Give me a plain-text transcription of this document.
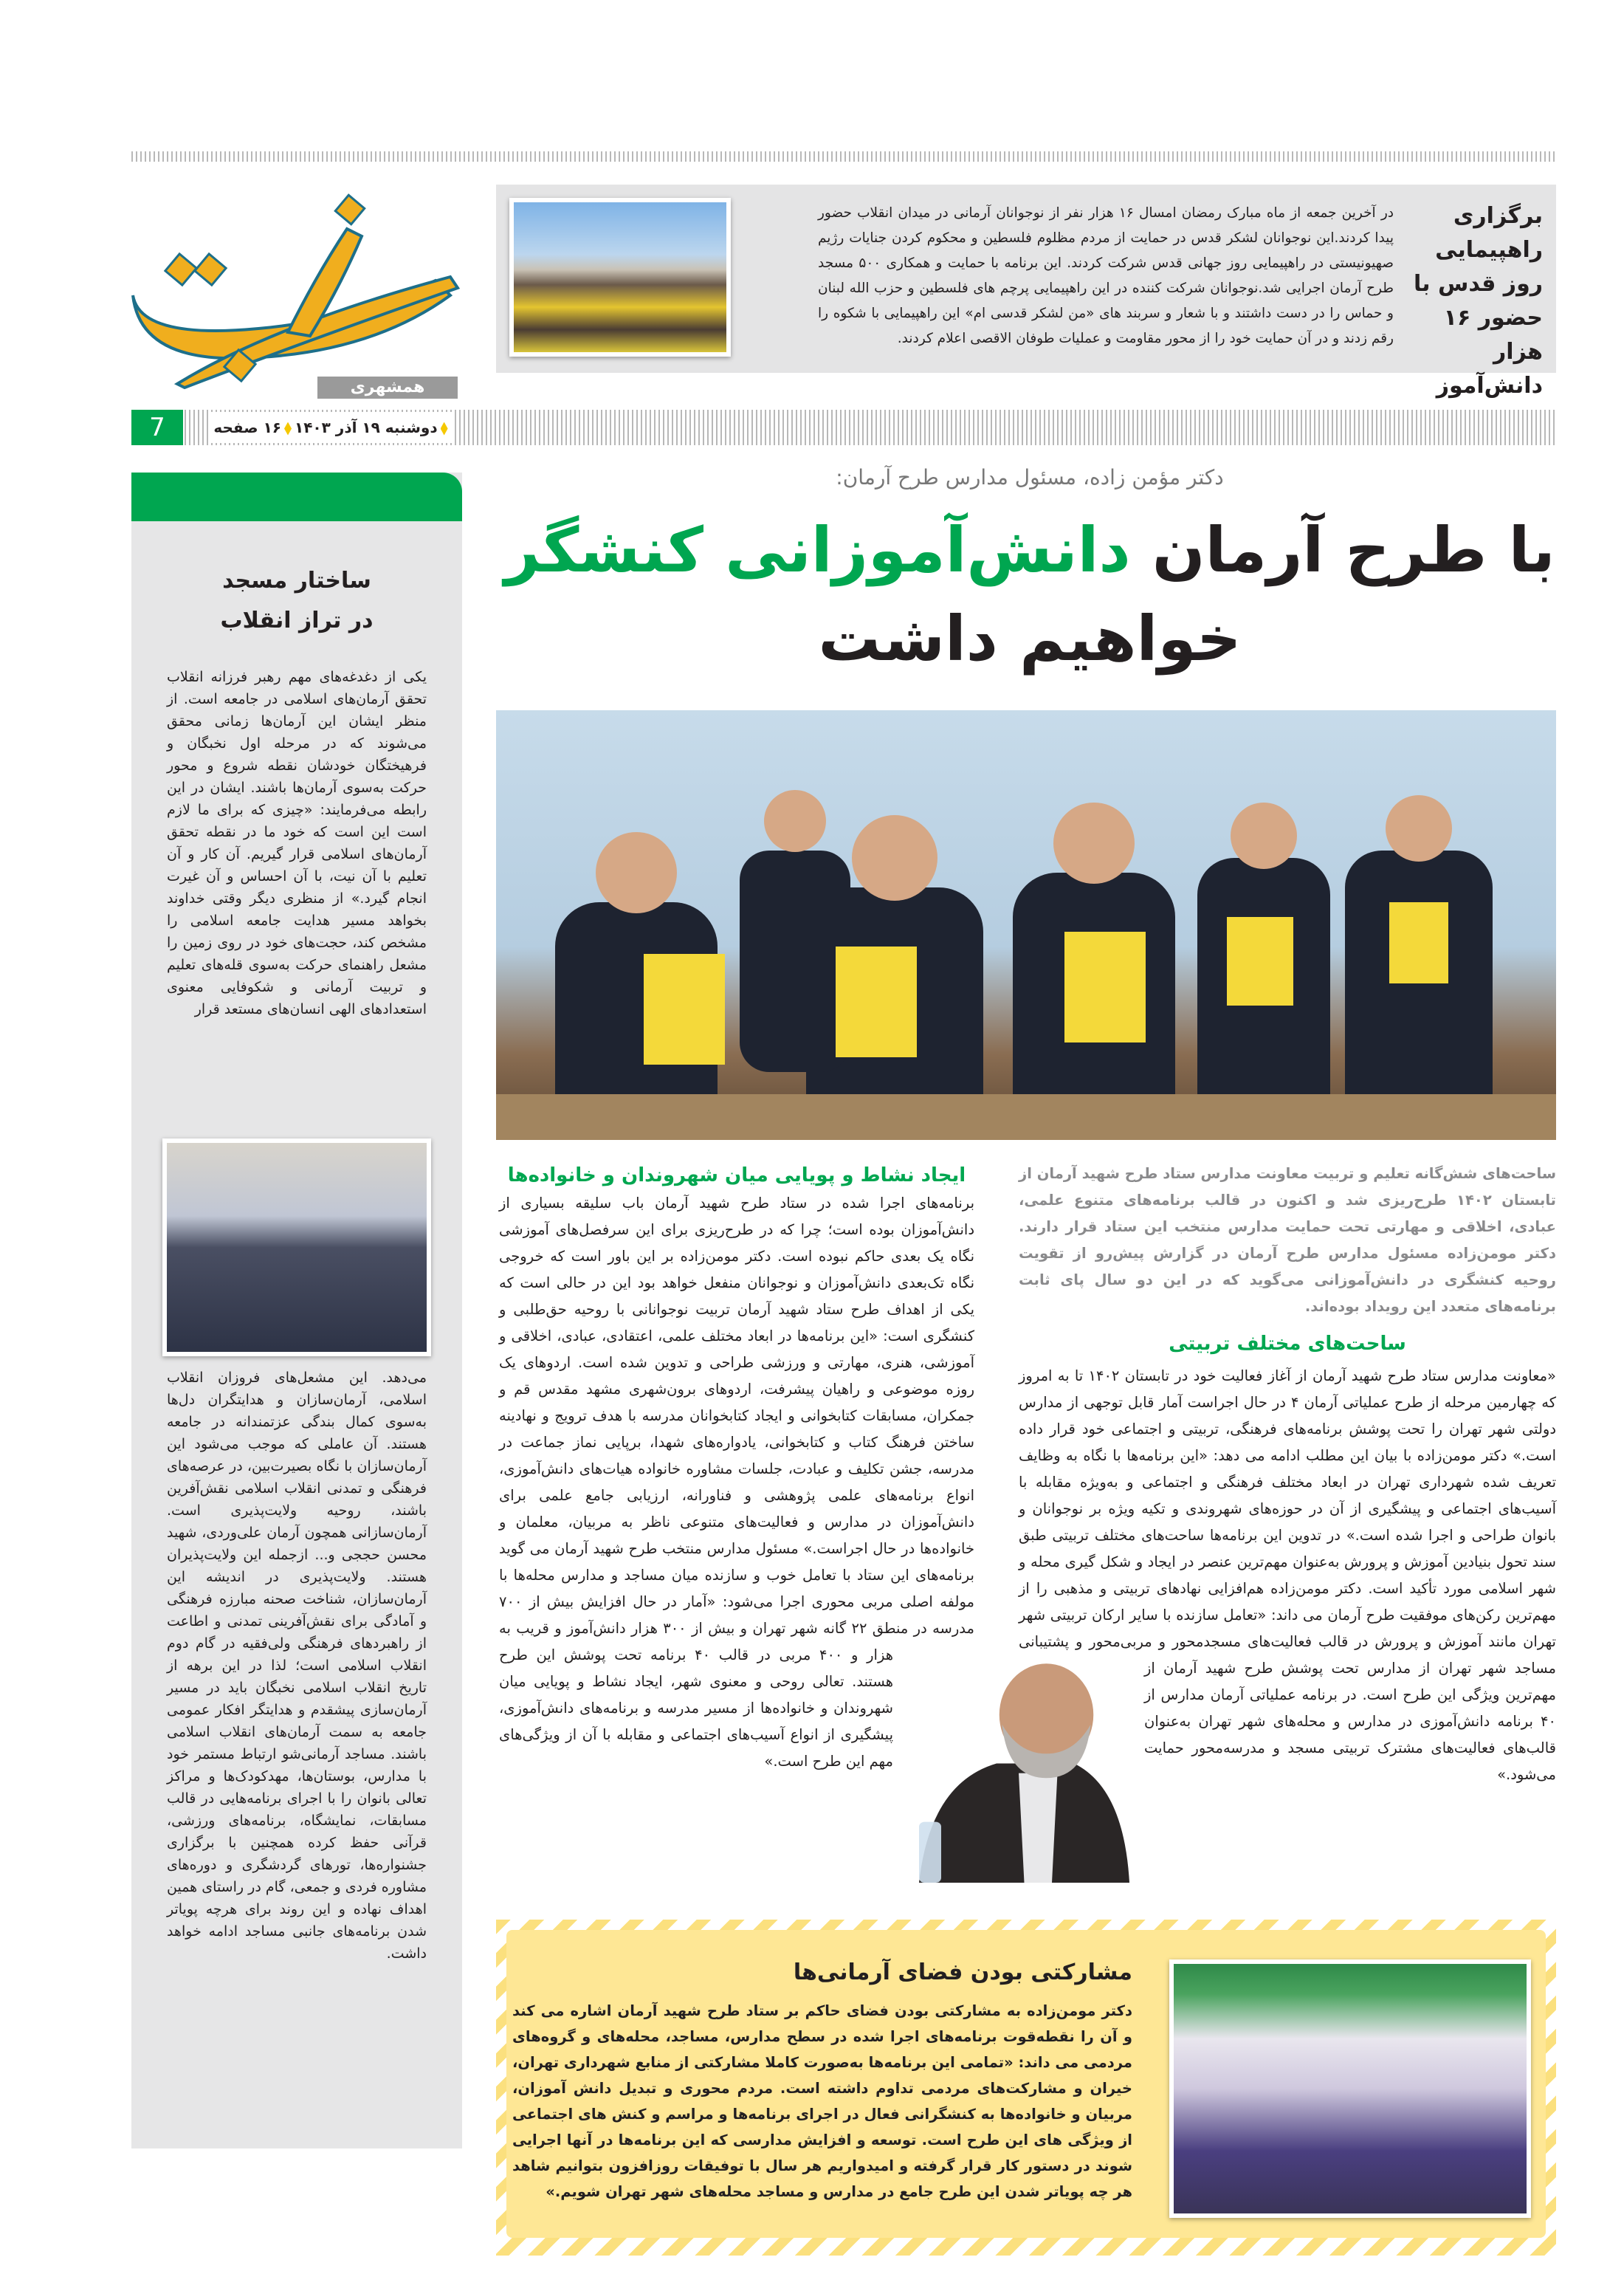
همشهری
برگزاری راهپیمایی روز قدس با حضور ۱۶ هزار دانش‌آموز
در آخرین جمعه از ماه مبارک رمضان امسال ۱۶ هزار نفر از نوجوانان آرمانی در میدان انقلاب حضور پیدا کردند.این نوجوانان لشکر قدس در حمایت از مردم مظلوم فلسطین و محکوم کردن جنایات رژیم صهیونیستی در راهپیمایی روز جهانی قدس شرکت کردند. این برنامه با حمایت و همکاری ۵۰۰ مسجد طرح آرمان اجرایی شد.نوجوانان شرکت کننده در این راهپیمایی پرچم های فلسطین و حزب الله لبنان و حماس را در دست داشتند و با شعار و سربند های «من لشکر قدسی ام» این راهپیمایی با شکوه را رقم زدند و در آن حمایت خود را از محور مقاومت و عملیات طوفان الاقصی اعلام کردند.
7	دوشنبه ۱۹ آذر ۱۴۰۳۱۶ صفحه
ساختار مسجد
در تراز انقلاب
یکی از دغدغه‌های مهم رهبر فرزانه انقلاب تحقق آرمان‌های اسلامی در جامعه است. از منظر ایشان این آرمان‌ها زمانی محقق می‌شوند که در مرحله اول نخبگان و فرهیختگان خودشان نقطه شروع و محور حرکت به‌سوی آرمان‌ها باشند. ایشان در این رابطه می‌فرمایند: «چیزی که برای ما لازم است این است که خود ما در نقطه تحقق آرمان‌های اسلامی قرار گیریم. آن کار و آن تعلیم با آن نیت، با آن احساس و آن غیرت انجام گیرد.» از منظری دیگر وقتی خداوند بخواهد مسیر هدایت جامعه اسلامی را مشخص کند، حجت‌های خود در روی زمین را مشعل راهنمای حرکت به‌سوی قله‌های تعلیم و تربیت آرمانی و شکوفایی معنوی استعدادهای الهی انسان‌های مستعد قرار
می‌دهد. این مشعل‌های فروزان انقلاب اسلامی، آرمان‌سازان و هدایتگران دل‌ها به‌سوی کمال بندگی عزتمندانه در جامعه هستند. آن عاملی که موجب می‌شود این آرمان‌سازان با نگاه بصیرت‌بین، در عرصه‌های فرهنگی و تمدنی انقلاب اسلامی نقش‌آفرین باشند، روحیه ولایت‌پذیری است. آرمان‌سازانی همچون آرمان علی‌وردی، شهید محسن حججی و... ازجمله این ولایت‌پذیران هستند. ولایت‌پذیری در اندیشه این آرمان‌سازان، شناخت صحنه مبارزه فرهنگی و آمادگی برای نقش‌آفرینی تمدنی و اطاعت از راهبردهای فرهنگی ولی‌فقیه در گام دوم انقلاب اسلامی است؛ لذا در این برهه از تاریخ انقلاب اسلامی نخبگان باید در مسیر آرمان‌سازی پیشقدم و هدایتگر افکار عمومی جامعه به سمت آرمان‌های انقلاب اسلامی باشند. مساجد آرمانی‌شو ارتباط مستمر خود با مدارس، بوستان‌ها، مهدکودک‌ها و مراکز تعالی بانوان را با اجرای برنامه‌هایی در قالب مسابقات، نمایشگاه، برنامه‌های ورزشی، قرآنی حفظ کرده همچنین با برگزاری جشنواره‌ها، تورهای گردشگری و دوره‌های مشاوره فردی و جمعی، گام در راستای همین اهداف نهاده و این روند برای هرچه پویاتر شدن برنامه‌های جانبی مساجد ادامه خواهد داشت.
دکتر مؤمن زاده، مسئول مدارس طرح آرمان:
با طرح آرمان دانش‌آموزانی کنشگر
خواهیم داشت
ایجاد نشاط و پویایی میان شهروندان و خانواده‌ها
برنامه‌های اجرا شده در ستاد طرح شهید آرمان باب سلیقه بسیاری از دانش‌آموزان بوده است؛ چرا که در طرح‌ریزی برای این سرفصل‌های آموزشی نگاه یک بعدی حاکم نبوده است. دکتر مومن‌زاده بر این باور است که خروجی نگاه تک‌بعدی دانش‌آموزان و نوجوانان منفعل خواهد بود این در حالی است که یکی از اهداف طرح ستاد شهید آرمان تربیت نوجوانانی با روحیه حق‌طلبی و کنشگری است: «این برنامه‌ها در ابعاد مختلف علمی، اعتقادی، عبادی، اخلاقی و آموزشی، هنری، مهارتی و ورزشی طراحی و تدوین شده است. اردوهای یک روزه موضوعی و راهیان پیشرفت، اردوهای برون‌شهری مشهد مقدس قم و جمکران، مسابقات کتابخوانی و ایجاد کتابخوانان مدرسه با هدف ترویج و نهادینه ساختن فرهنگ کتاب و کتابخوانی، یادواره‌های شهدا، برپایی نماز جماعت در مدرسه، جشن تکلیف و عبادت، جلسات مشاوره خانواده هیات‌های دانش‌آموزی، انواع برنامه‌های علمی پژوهشی و فناورانه، ارزیابی جامع علمی برای دانش‌آموزان در مدارس و فعالیت‌های متنوعی ناظر به مربیان، معلمان و خانواده‌ها در حال اجراست.» مسئول مدارس منتخب طرح شهید آرمان می گوید برنامه‌های این ستاد با تعامل خوب و سازنده میان مساجد و مدارس محله‌ها با مولفه اصلی مربی محوری اجرا می‌شود: «آمار در حال افزایش بیش از ۷۰۰ مدرسه در منطق ۲۲ گانه شهر تهران و بیش از ۳۰۰ هزار دانش‌آموز و قریب به هزار و ۴۰۰ مربی در قالب ۴۰ برنامه تحت پوشش این طرح هستند. تعالی روحی و معنوی شهر، ایجاد نشاط و پویایی میان شهروندان و خانواده‌ها از مسیر مدرسه و برنامه‌های دانش‌آموزی، پیشگیری از انواع آسیب‌های اجتماعی و مقابله با آن از ویژگی‌های مهم این طرح است.»
ساحت‌های شش‌گانه تعلیم و تربیت معاونت مدارس ستاد طرح شهید آرمان از تابستان ۱۴۰۲ طرح‌ریزی شد و اکنون در قالب برنامه‌های متنوع علمی، عبادی، اخلاقی و مهارتی تحت حمایت مدارس منتخب این ستاد قرار دارند. دکتر مومن‌زاده مسئول مدارس طرح آرمان در گزارش پیش‌رو از تقویت روحیه کنشگری در دانش‌آموزانی می‌گوید که در این دو سال پای ثابت برنامه‌های متعدد این رویداد بوده‌اند.
ساحت‌های مختلف تربیتی
«معاونت مدارس ستاد طرح شهید آرمان از آغاز فعالیت خود در تابستان ۱۴۰۲ تا به امروز که چهارمین مرحله از طرح عملیاتی آرمان ۴ در حال اجراست آمار قابل توجهی از مدارس دولتی شهر تهران را تحت پوشش برنامه‌های فرهنگی، تربیتی و اجتماعی خود قرار داده است.» دکتر مومن‌زاده با بیان این مطلب ادامه می دهد: «این برنامه‌ها با نگاه به وظایف تعریف شده شهرداری تهران در ابعاد مختلف فرهنگی و اجتماعی و به‌ویژه مقابله با آسیب‌های اجتماعی و پیشگیری از آن در حوزه‌های شهروندی و تکیه ویژه بر نوجوانان و بانوان طراحی و اجرا شده است.» در تدوین این برنامه‌ها ساحت‌های مختلف تربیتی طبق سند تحول بنیادین آموزش و پرورش به‌عنوان مهم‌ترین عنصر در ایجاد و شکل گیری محله و شهر اسلامی مورد تأکید است. دکتر مومن‌زاده هم‌افزایی نهادهای تربیتی و مذهبی را از مهم‌ترین رکن‌های موفقیت طرح آرمان می داند: «تعامل سازنده با سایر ارکان تربیتی شهر تهران مانند آموزش و پرورش در قالب فعالیت‌های مسجدمحور و مربی‌محور و پشتیبانی مساجد شهر تهران از مدارس تحت پوشش طرح شهید آرمان از مهم‌ترین ویژگی این طرح است. در برنامه عملیاتی آرمان مدارس از ۴۰ برنامه دانش‌آموزی در مدارس و محله‌های شهر تهران به‌عنوان قالب‌های فعالیت‌های مشترک تربیتی مسجد و مدرسه‌محور حمایت می‌شود.»
مشارکتی بودن فضای آرمانی‌ها
دکتر مومن‌زاده به مشارکتی بودن فضای حاکم بر ستاد طرح شهید آرمان اشاره می کند و آن را نقطه‌قوت برنامه‌های اجرا شده در سطح مدارس، مساجد، محله‌های و گروه‌های مردمی می داند: «تمامی این برنامه‌ها به‌صورت کاملا مشارکتی از منابع شهرداری تهران، خیران و مشارکت‌های مردمی تداوم داشته است. مردم محوری و تبدیل دانش آموزان، مربیان و خانواده‌ها به کنشگرانی فعال در اجرای برنامه‌ها و مراسم و کنش های اجتماعی از ویژگی های این طرح است. توسعه و افزایش مدارسی که این برنامه‌ها در آنها اجرایی شوند در دستور کار قرار گرفته و امیدواریم هر سال با توفیقات روزافزون بتوانیم شاهد هر چه پویاتر شدن این طرح جامع در مدارس و مساجد محله‌های شهر تهران شویم.»
